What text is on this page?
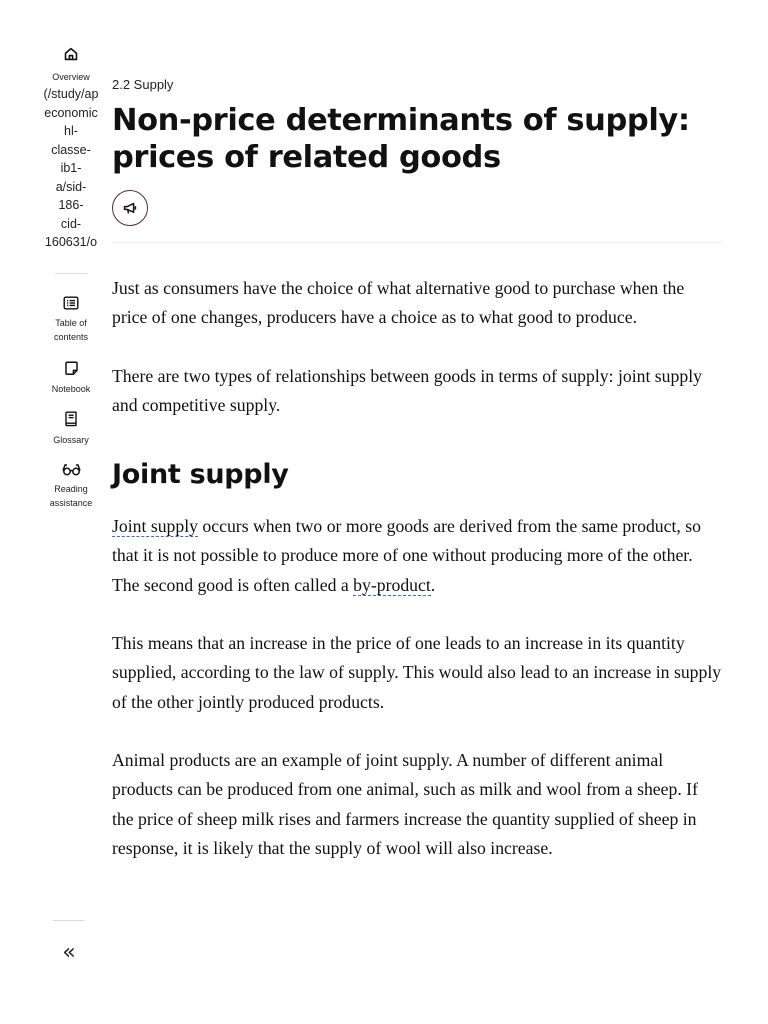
Overview
(/study/ap
economic
hl-
classe-
ib1-
a/sid-
186-
cid-
160631/o
Table of
contents
Notebook
Glossary
Reading
assistance
«
2.2 Supply
Non-price determinants of supply:
prices of related goods

Just as consumers have the choice of what alternative good to purchase when the price of one changes, producers have a choice as to what good to produce.

There are two types of relationships between goods in terms of supply: joint supply and competitive supply.

Joint supply

Joint supply occurs when two or more goods are derived from the same product, so that it is not possible to produce more of one without producing more of the other. The second good is often called a by-product.

This means that an increase in the price of one leads to an increase in its quantity supplied, according to the law of supply. This would also lead to an increase in supply of the other jointly produced products.

Animal products are an example of joint supply. A number of different animal products can be produced from one animal, such as milk and wool from a sheep. If the price of sheep milk rises and farmers increase the quantity supplied of sheep in response, it is likely that the supply of wool will also increase.
